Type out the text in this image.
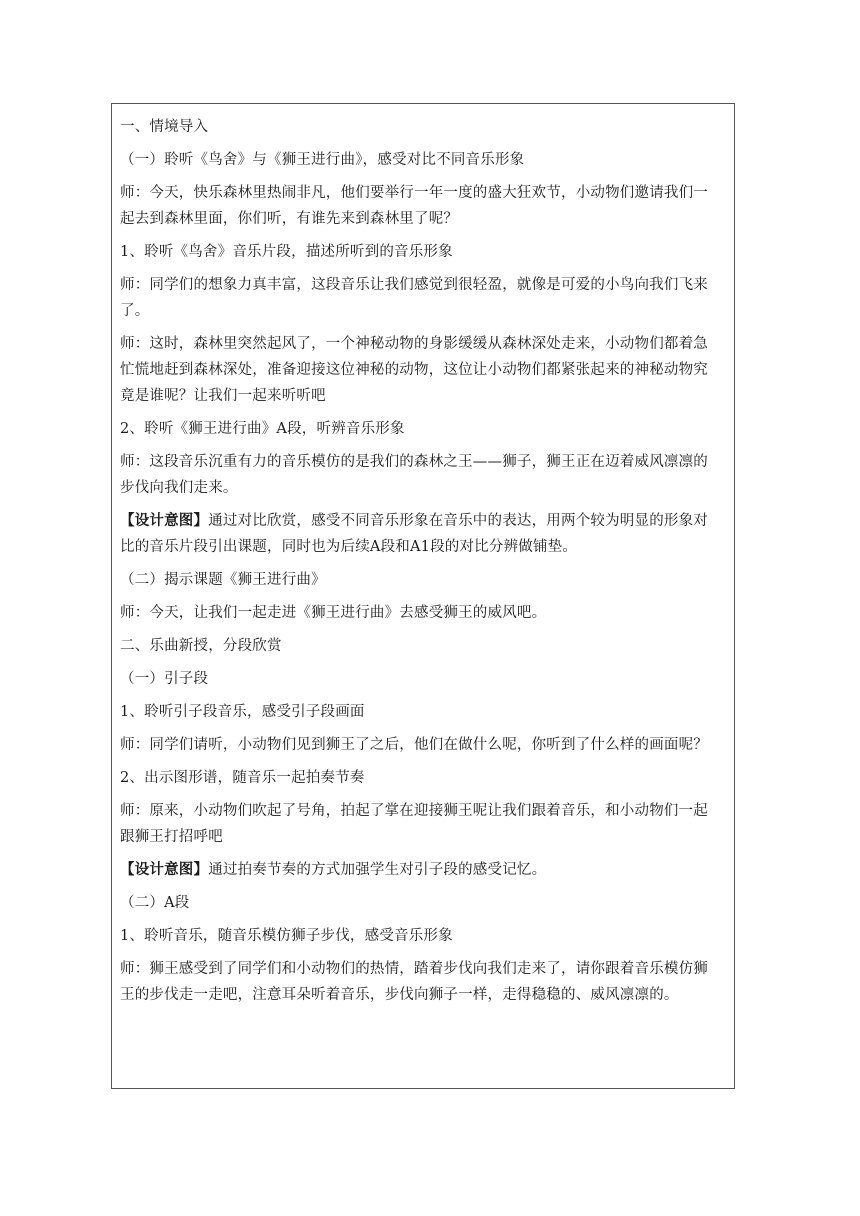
一、情境导入
（一）聆听《鸟舍》与《狮王进行曲》，感受对比不同音乐形象
师：今天，快乐森林里热闹非凡，他们要举行一年一度的盛大狂欢节，小动物们邀请我们一
起去到森林里面，你们听，有谁先来到森林里了呢？
1、聆听《鸟舍》音乐片段，描述所听到的音乐形象
师：同学们的想象力真丰富，这段音乐让我们感觉到很轻盈，就像是可爱的小鸟向我们飞来
了。
师：这时，森林里突然起风了，一个神秘动物的身影缓缓从森林深处走来，小动物们都着急
忙慌地赶到森林深处，准备迎接这位神秘的动物，这位让小动物们都紧张起来的神秘动物究
竟是谁呢？让我们一起来听听吧
2、聆听《狮王进行曲》A段，听辨音乐形象
师：这段音乐沉重有力的音乐模仿的是我们的森林之王——狮子，狮王正在迈着威风凛凛的
步伐向我们走来。
【设计意图】通过对比欣赏，感受不同音乐形象在音乐中的表达，用两个较为明显的形象对
比的音乐片段引出课题，同时也为后续A段和A1段的对比分辨做铺垫。
（二）揭示课题《狮王进行曲》
师：今天，让我们一起走进《狮王进行曲》去感受狮王的威风吧。
二、乐曲新授，分段欣赏
（一）引子段
1、聆听引子段音乐，感受引子段画面
师：同学们请听，小动物们见到狮王了之后，他们在做什么呢，你听到了什么样的画面呢？
2、出示图形谱，随音乐一起拍奏节奏
师：原来，小动物们吹起了号角，拍起了掌在迎接狮王呢让我们跟着音乐，和小动物们一起
跟狮王打招呼吧
【设计意图】通过拍奏节奏的方式加强学生对引子段的感受记忆。
（二）A段
1、聆听音乐，随音乐模仿狮子步伐，感受音乐形象
师：狮王感受到了同学们和小动物们的热情，踏着步伐向我们走来了，请你跟着音乐模仿狮
王的步伐走一走吧，注意耳朵听着音乐，步伐向狮子一样，走得稳稳的、威风凛凛的。
